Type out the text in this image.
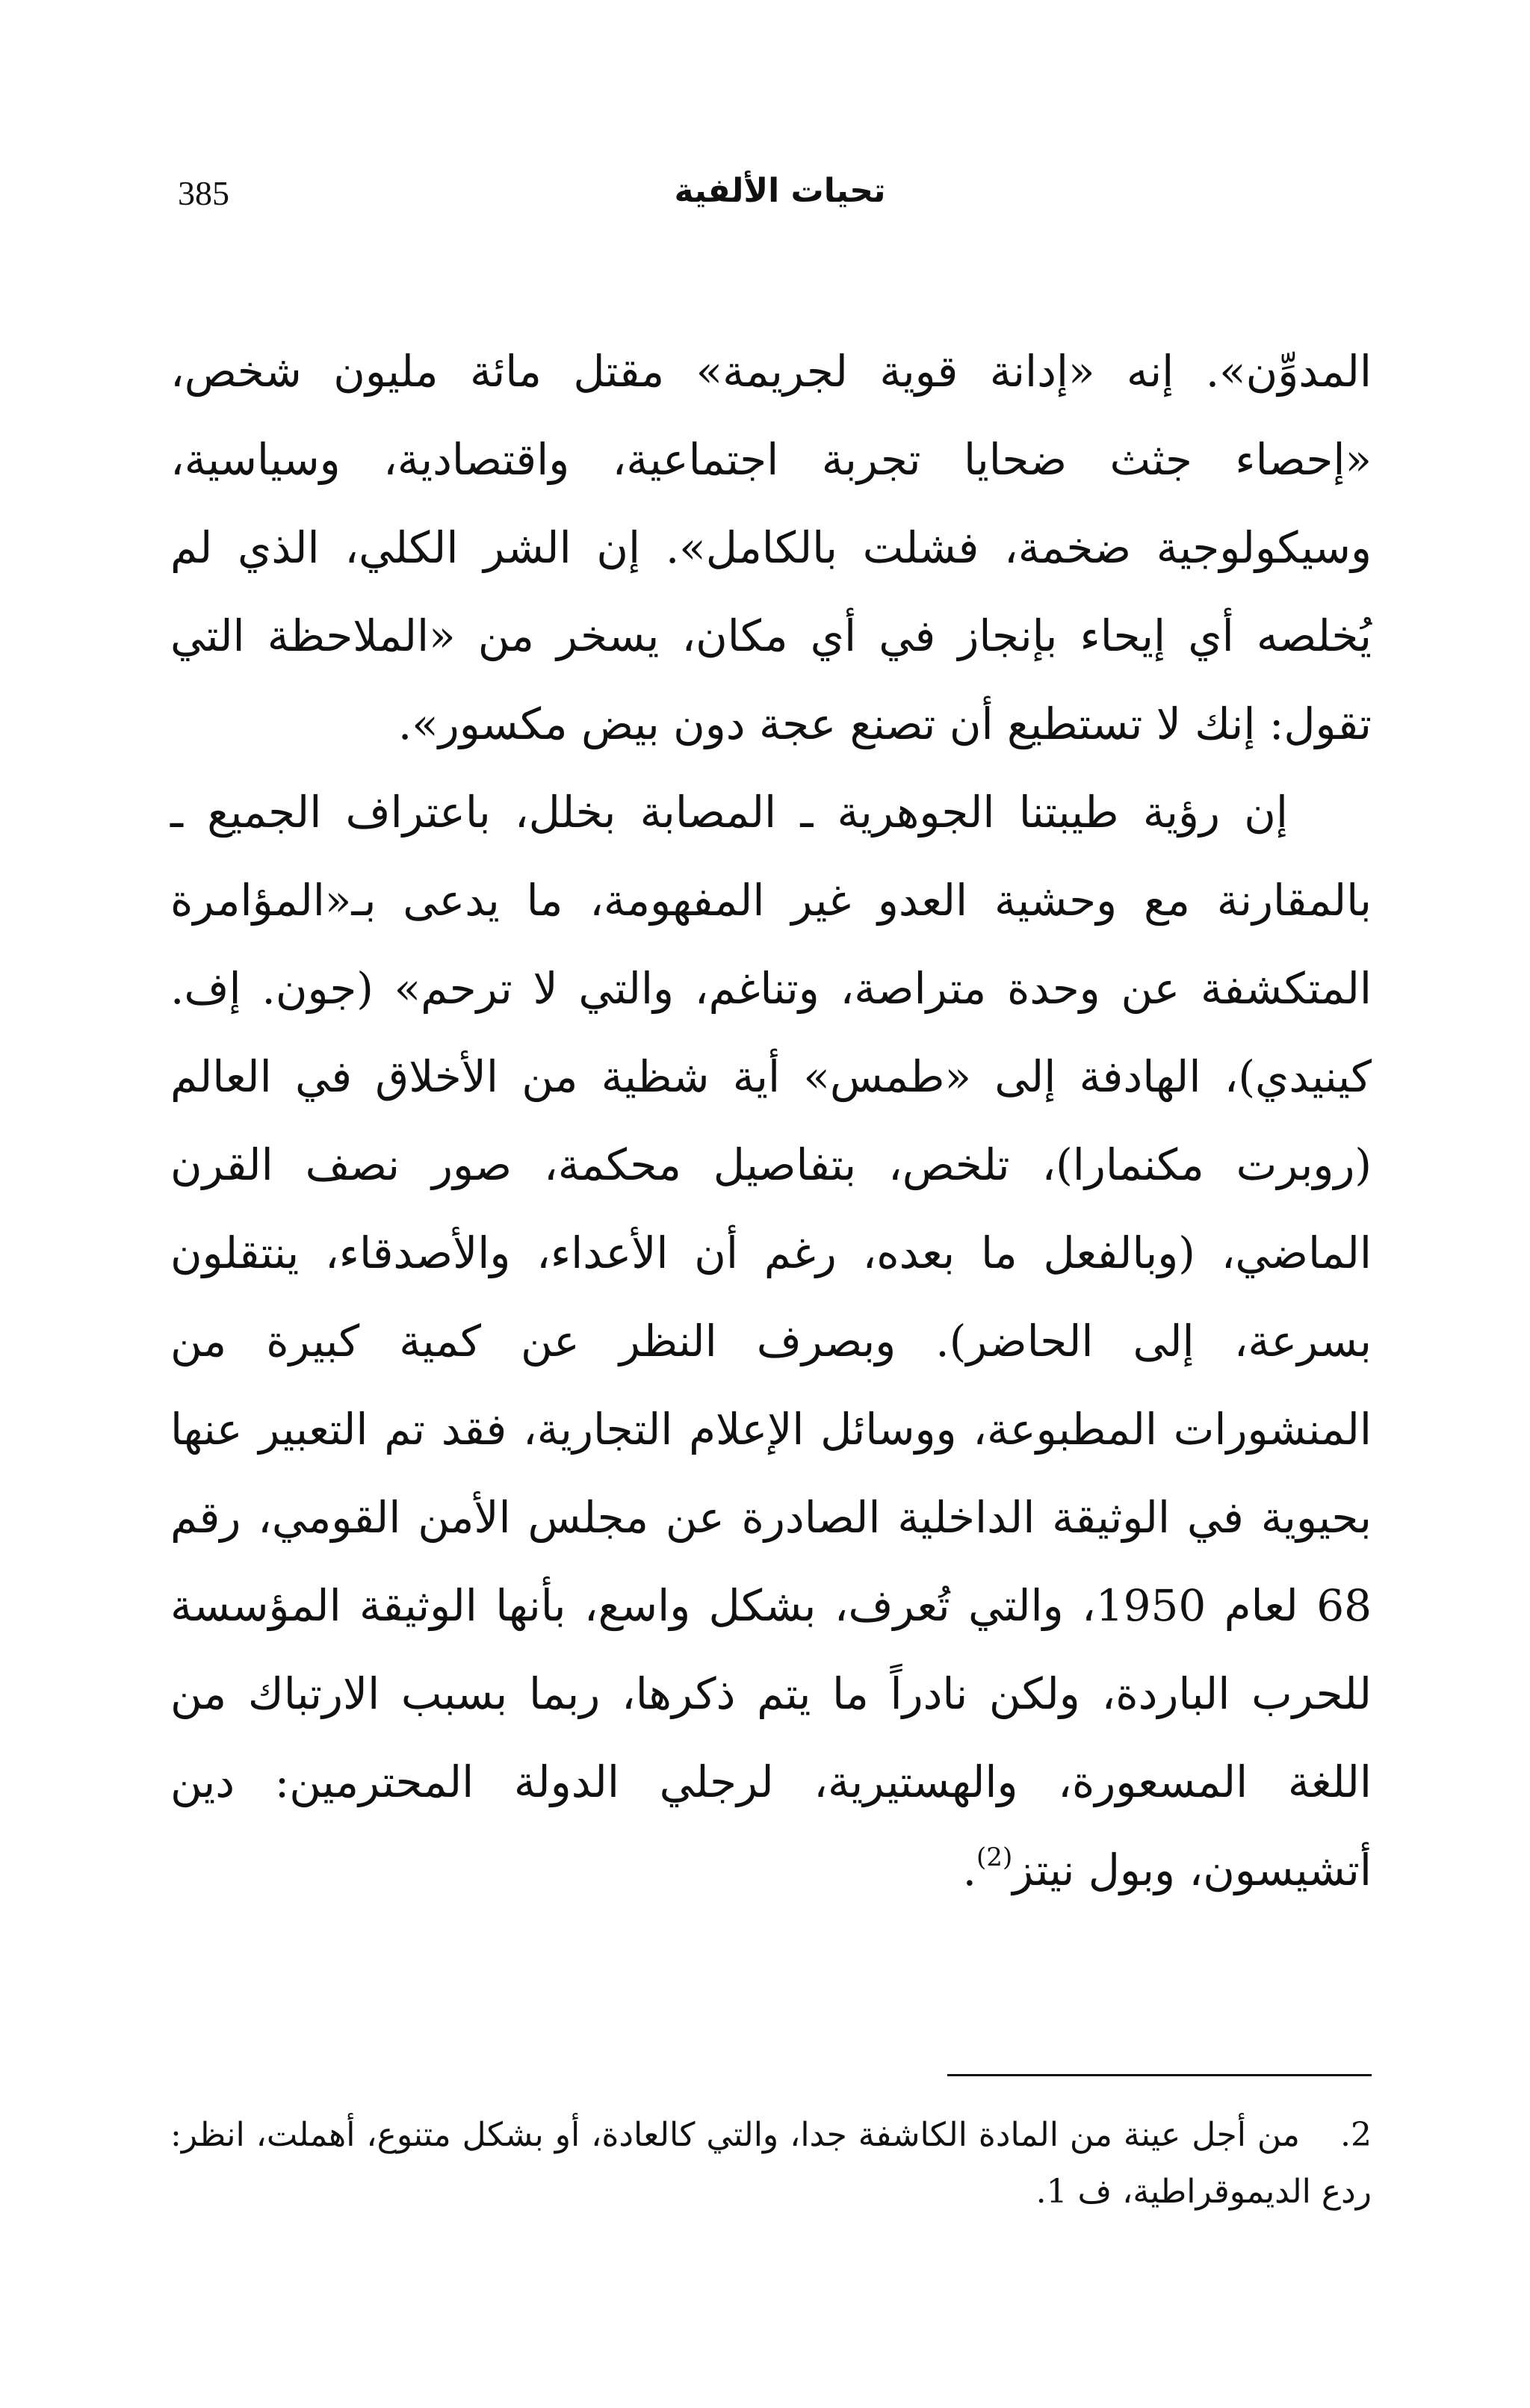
385	تحيات الألفية

المدوِّن». إنه «إدانة قوية لجريمة» مقتل مائة مليون شخص، «إحصاء جثث ضحايا تجربة اجتماعية، واقتصادية، وسياسية، وسيكولوجية ضخمة، فشلت بالكامل». إن الشر الكلي، الذي لم يُخلصه أي إيحاء بإنجاز في أي مكان، يسخر من «الملاحظة التي تقول: إنك لا تستطيع أن تصنع عجة دون بيض مكسور».

إن رؤية طيبتنا الجوهرية ـ المصابة بخلل، باعتراف الجميع ـ بالمقارنة مع وحشية العدو غير المفهومة، ما يدعى بـ«المؤامرة المتكشفة عن وحدة متراصة، وتناغم، والتي لا ترحم» (جون. إف. كينيدي)، الهادفة إلى «طمس» أية شظية من الأخلاق في العالم (روبرت مكنمارا)، تلخص، بتفاصيل محكمة، صور نصف القرن الماضي، (وبالفعل ما بعده، رغم أن الأعداء، والأصدقاء، ينتقلون بسرعة، إلى الحاضر). وبصرف النظر عن كمية كبيرة من المنشورات المطبوعة، ووسائل الإعلام التجارية، فقد تم التعبير عنها بحيوية في الوثيقة الداخلية الصادرة عن مجلس الأمن القومي، رقم 68 لعام 1950، والتي تُعرف، بشكل واسع، بأنها الوثيقة المؤسسة للحرب الباردة، ولكن نادراً ما يتم ذكرها، ربما بسبب الارتباك من اللغة المسعورة، والهستيرية، لرجلي الدولة المحترمين: دين أتشيسون، وبول نيتز$^{(2)}$.

2.من أجل عينة من المادة الكاشفة جدا، والتي كالعادة، أو بشكل متنوع، أهملت، انظر: ردع الديموقراطية، ف 1.
